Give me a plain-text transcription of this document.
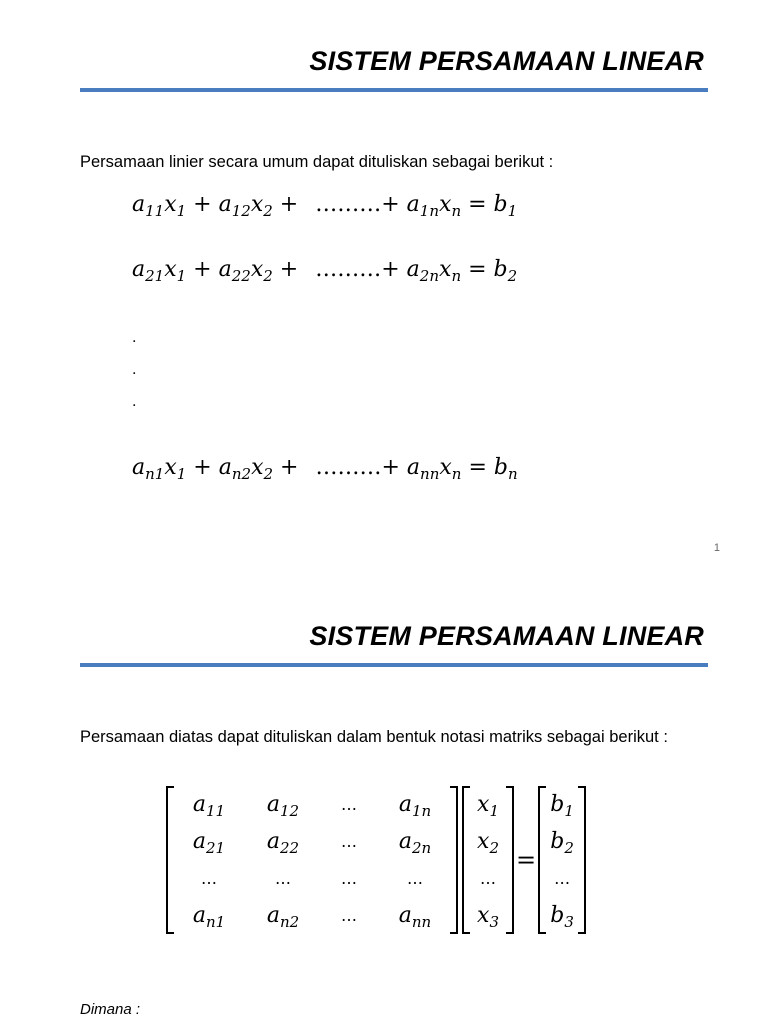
SISTEM PERSAMAAN LINEAR

Persamaan linier secara umum dapat dituliskan sebagai berikut :

$a_{11}x_1 + a_{12}x_2$ + ………+ $a_{1n}x_n = b_1$
$a_{21}x_1 + a_{22}x_2$ + ………+ $a_{2n}x_n = b_2$
.
.
.
$a_{n1}x_1 + a_{n2}x_2$ + ………+ $a_{nn}x_n = b_n$
1
SISTEM PERSAMAAN LINEAR

Persamaan diatas dapat dituliskan dalam bentuk notasi matriks sebagai berikut :

$a_{11}$	$a_{12}$	…	$a_{1n}$
$a_{21}$	$a_{22}$	…	$a_{2n}$
…	…	…	…
$a_{n1}$	$a_{n2}$	…	$a_{nn}$
$x_1$
$x_2$
…
$x_3$
=
$b_1$
$b_2$
…
$b_3$

Dimana :
